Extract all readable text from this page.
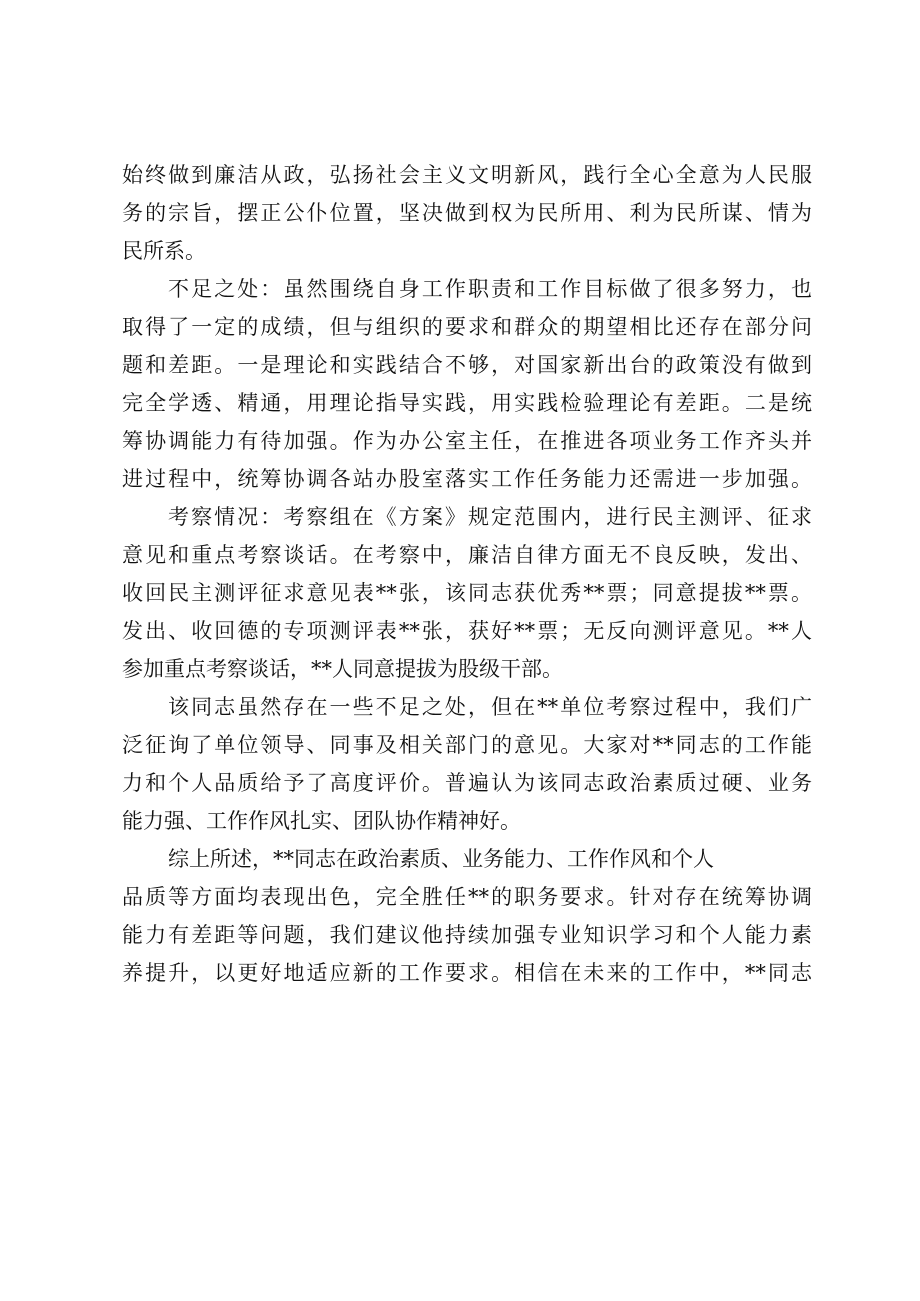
始终做到廉洁从政，弘扬社会主义文明新风，践行全心全意为人民服
务的宗旨，摆正公仆位置，坚决做到权为民所用、利为民所谋、情为
民所系。
不足之处：虽然围绕自身工作职责和工作目标做了很多努力，也
取得了一定的成绩，但与组织的要求和群众的期望相比还存在部分问
题和差距。一是理论和实践结合不够，对国家新出台的政策没有做到
完全学透、精通，用理论指导实践，用实践检验理论有差距。二是统
筹协调能力有待加强。作为办公室主任，在推进各项业务工作齐头并
进过程中，统筹协调各站办股室落实工作任务能力还需进一步加强。
考察情况：考察组在《方案》规定范围内，进行民主测评、征求
意见和重点考察谈话。在考察中，廉洁自律方面无不良反映，发出、
收回民主测评征求意见表**张，该同志获优秀**票；同意提拔**票。
发出、收回德的专项测评表**张，获好**票；无反向测评意见。**人
参加重点考察谈话，**人同意提拔为股级干部。
该同志虽然存在一些不足之处，但在**单位考察过程中，我们广
泛征询了单位领导、同事及相关部门的意见。大家对**同志的工作能
力和个人品质给予了高度评价。普遍认为该同志政治素质过硬、业务
能力强、工作作风扎实、团队协作精神好。
综上所述，**同志在政治素质、业务能力、工作作风和个人
品质等方面均表现出色，完全胜任**的职务要求。针对存在统筹协调
能力有差距等问题，我们建议他持续加强专业知识学习和个人能力素
养提升，以更好地适应新的工作要求。相信在未来的工作中，**同志
